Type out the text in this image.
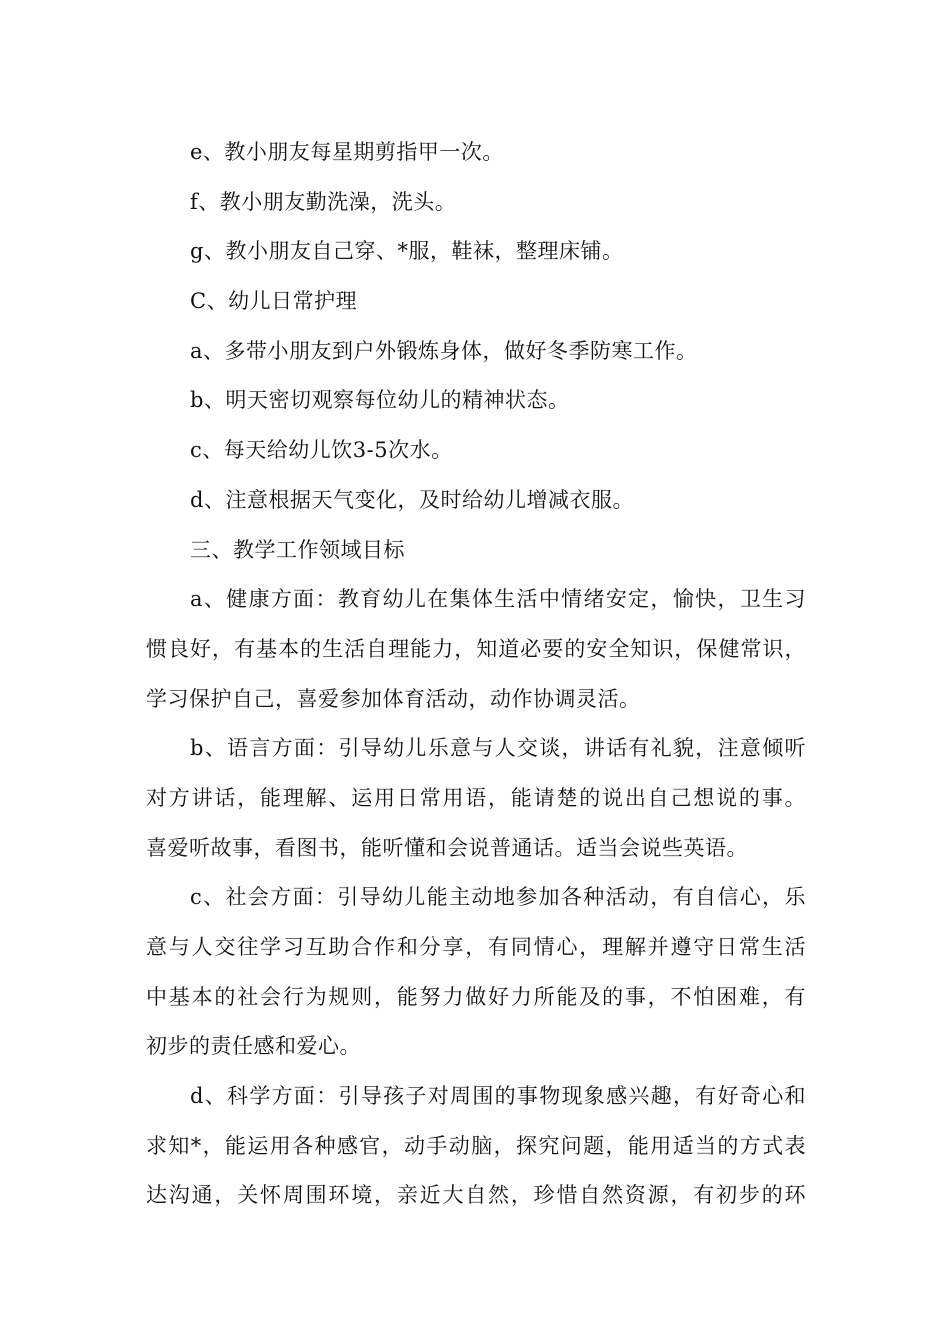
e、教小朋友每星期剪指甲一次。
f、教小朋友勤洗澡，洗头。
g、教小朋友自己穿、*服，鞋袜，整理床铺。
C、幼儿日常护理
a、多带小朋友到户外锻炼身体，做好冬季防寒工作。
b、明天密切观察每位幼儿的精神状态。
c、每天给幼儿饮3-5次水。
d、注意根据天气变化，及时给幼儿增减衣服。
三、教学工作领域目标
a、健康方面：教育幼儿在集体生活中情绪安定，愉快，卫生习
惯良好，有基本的生活自理能力，知道必要的安全知识，保健常识，
学习保护自己，喜爱参加体育活动，动作协调灵活。
b、语言方面：引导幼儿乐意与人交谈，讲话有礼貌，注意倾听
对方讲话，能理解、运用日常用语，能请楚的说出自己想说的事。
喜爱听故事，看图书，能听懂和会说普通话。适当会说些英语。
c、社会方面：引导幼儿能主动地参加各种活动，有自信心，乐
意与人交往学习互助合作和分享，有同情心，理解并遵守日常生活
中基本的社会行为规则，能努力做好力所能及的事，不怕困难，有
初步的责任感和爱心。
d、科学方面：引导孩子对周围的事物现象感兴趣，有好奇心和
求知*，能运用各种感官，动手动脑，探究问题，能用适当的方式表
达沟通，关怀周围环境，亲近大自然，珍惜自然资源，有初步的环
